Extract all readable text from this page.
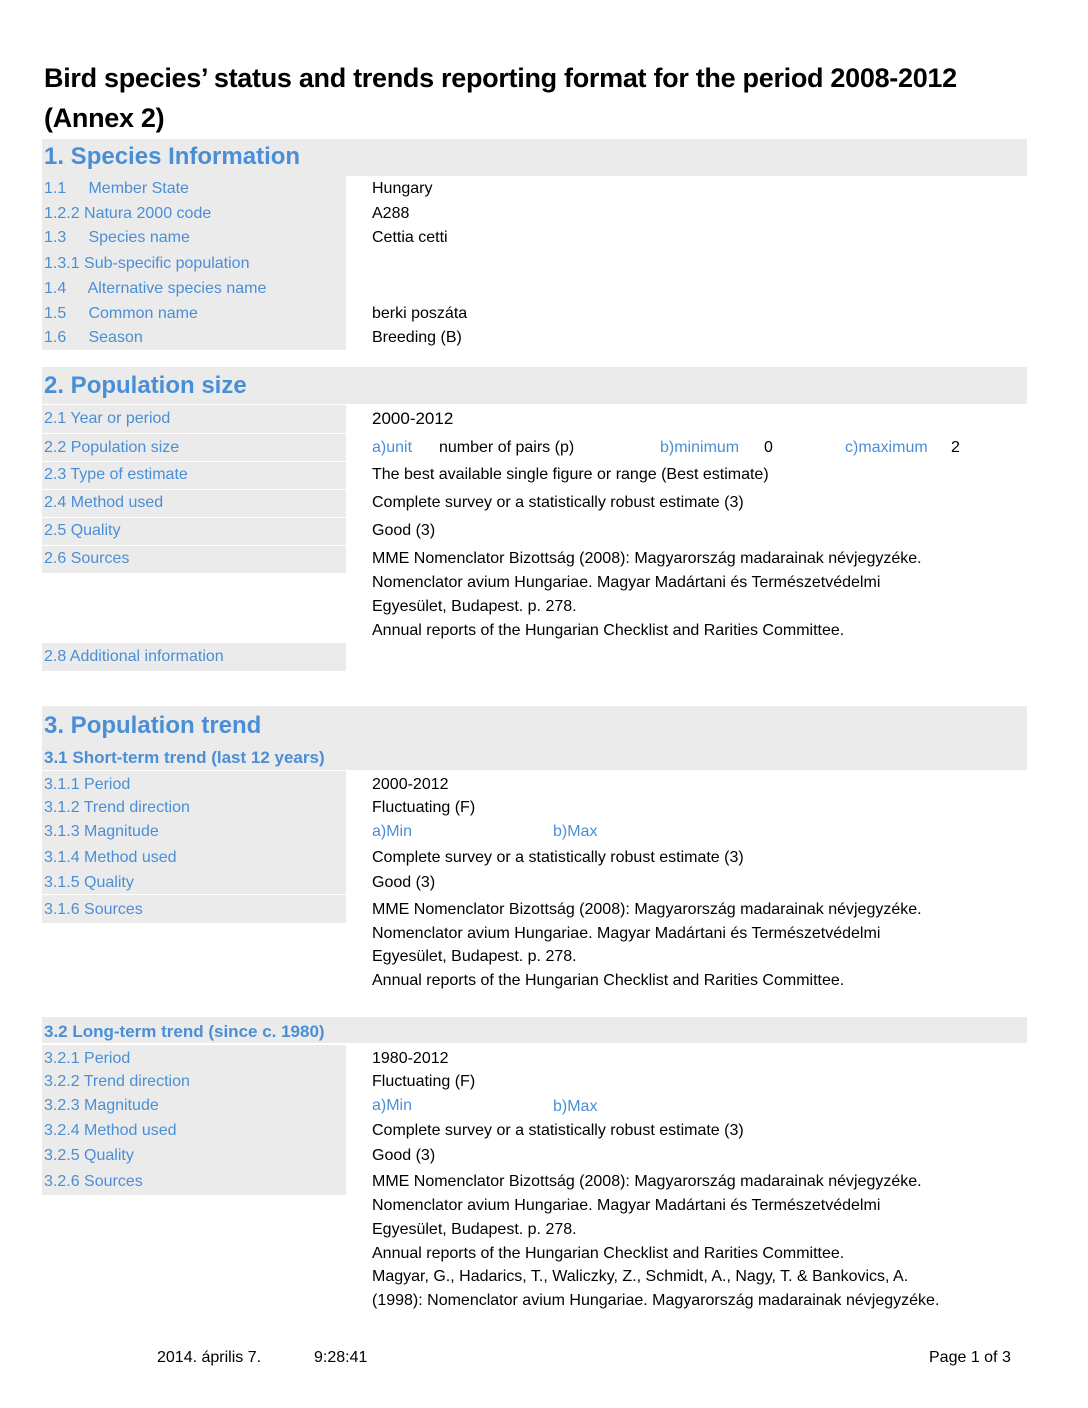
Bird species’ status and trends reporting format for the period 2008-2012 (Annex 2)
1. Species Information
1.1     Member State	Hungary
1.2.2 Natura 2000 code	A288
1.3     Species name	Cettia cetti
1.3.1 Sub-specific population
1.4     Alternative species name
1.5     Common name	berki poszáta
1.6     Season	Breeding (B)
2. Population size
2.1 Year or period	2000-2012
2.2 Population size	a)unit number of pairs (p)	b)minimum 0	c)maximum 2
2.3 Type of estimate	The best available single figure or range (Best estimate)
2.4 Method used	Complete survey or a statistically robust estimate (3)
2.5 Quality	Good (3)
2.6 Sources	MME Nomenclator Bizottság (2008): Magyarország madarainak névjegyzéke.
Nomenclator avium Hungariae. Magyar Madártani és Természetvédelmi
Egyesület, Budapest. p. 278.
Annual reports of the Hungarian Checklist and Rarities Committee.
2.8 Additional information
3. Population trend
3.1 Short-term trend (last 12 years)
3.1.1 Period	2000-2012
3.1.2 Trend direction	Fluctuating (F)
3.1.3 Magnitude	a)Min	b)Max
3.1.4 Method used	Complete survey or a statistically robust estimate (3)
3.1.5 Quality	Good (3)
3.1.6 Sources	MME Nomenclator Bizottság (2008): Magyarország madarainak névjegyzéke.
Nomenclator avium Hungariae. Magyar Madártani és Természetvédelmi
Egyesület, Budapest. p. 278.
Annual reports of the Hungarian Checklist and Rarities Committee.
3.2 Long-term trend (since c. 1980)
3.2.1 Period	1980-2012
3.2.2 Trend direction	Fluctuating (F)
3.2.3 Magnitude	a)Min	b)Max
3.2.4 Method used	Complete survey or a statistically robust estimate (3)
3.2.5 Quality	Good (3)
3.2.6 Sources	MME Nomenclator Bizottság (2008): Magyarország madarainak névjegyzéke.
Nomenclator avium Hungariae. Magyar Madártani és Természetvédelmi
Egyesület, Budapest. p. 278.
Annual reports of the Hungarian Checklist and Rarities Committee.
Magyar, G., Hadarics, T., Waliczky, Z., Schmidt, A., Nagy, T. & Bankovics, A.
(1998): Nomenclator avium Hungariae. Magyarország madarainak névjegyzéke.
2014. április 7.	9:28:41	Page 1 of 3
